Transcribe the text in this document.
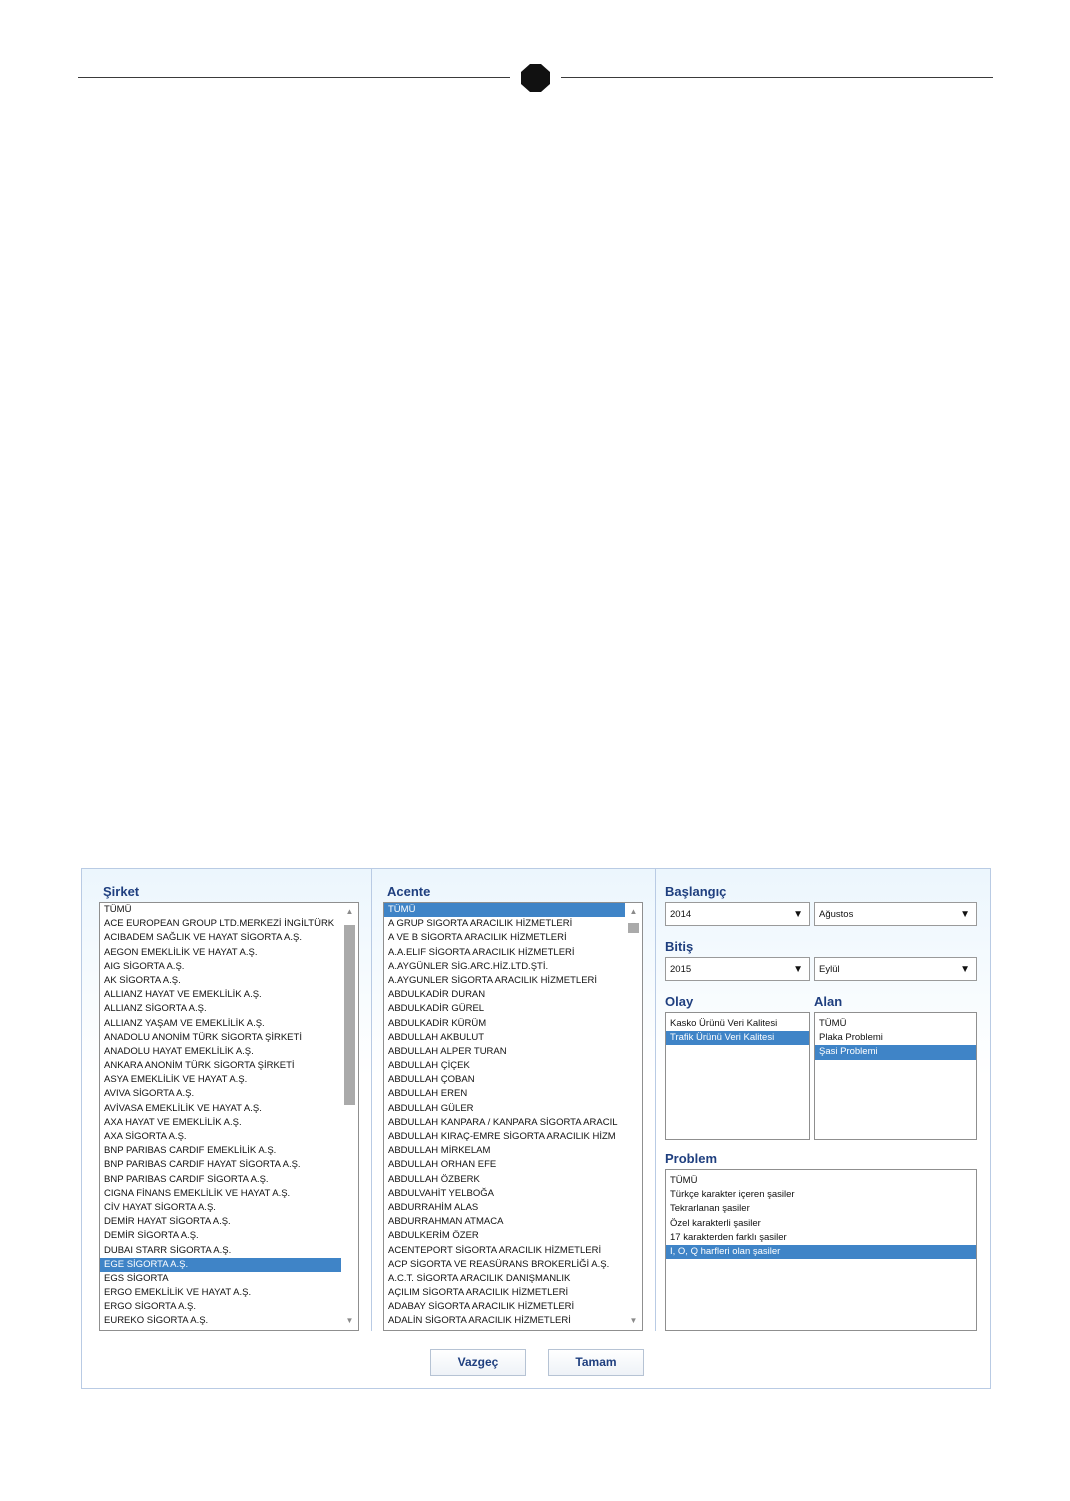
Şirket
TÜMÜ
ACE EUROPEAN GROUP LTD.MERKEZİ İNGİLTÜRK
ACIBADEM SAĞLIK VE HAYAT SİGORTA A.Ş.
AEGON EMEKLİLİK VE HAYAT A.Ş.
AIG SİGORTA A.Ş.
AK SİGORTA A.Ş.
ALLIANZ HAYAT VE EMEKLİLİK A.Ş.
ALLIANZ SİGORTA A.Ş.
ALLIANZ YAŞAM VE EMEKLİLİK A.Ş.
ANADOLU ANONİM TÜRK SİGORTA ŞİRKETİ
ANADOLU HAYAT EMEKLİLİK A.Ş.
ANKARA ANONİM TÜRK SİGORTA ŞİRKETİ
ASYA EMEKLİLİK VE HAYAT A.Ş.
AVIVA SİGORTA A.Ş.
AVİVASA EMEKLİLİK VE HAYAT A.Ş.
AXA HAYAT VE EMEKLİLİK A.Ş.
AXA SİGORTA A.Ş.
BNP PARIBAS CARDIF EMEKLİLİK A.Ş.
BNP PARIBAS CARDIF HAYAT SİGORTA A.Ş.
BNP PARIBAS CARDIF SİGORTA A.Ş.
CIGNA FİNANS EMEKLİLİK VE HAYAT A.Ş.
CİV HAYAT SİGORTA A.Ş.
DEMİR HAYAT SİGORTA A.Ş.
DEMİR SİGORTA A.Ş.
DUBAI STARR SİGORTA A.Ş.
EGE SİGORTA A.Ş.
EGS SİGORTA
ERGO EMEKLİLİK VE HAYAT A.Ş.
ERGO SİGORTA A.Ş.
EUREKO SİGORTA A.Ş.
▲
▼
Acente
TÜMÜ
A GRUP SIGORTA ARACILIK HİZMETLERİ
A VE B SİGORTA ARACILIK HİZMETLERİ
A.A.ELIF SİGORTA ARACILIK HİZMETLERİ
A.AYGÜNLER SİG.ARC.HİZ.LTD.ŞTİ.
A.AYGUNLER SİGORTA ARACILIK HİZMETLERİ
ABDULKADİR DURAN
ABDULKADİR GÜREL
ABDULKADİR KÜRÜM
ABDULLAH AKBULUT
ABDULLAH ALPER TURAN
ABDULLAH ÇİÇEK
ABDULLAH ÇOBAN
ABDULLAH EREN
ABDULLAH GÜLER
ABDULLAH KANPARA / KANPARA SİGORTA ARACIL
ABDULLAH KIRAÇ-EMRE SİGORTA ARACILIK HİZM
ABDULLAH MİRKELAM
ABDULLAH ORHAN EFE
ABDULLAH ÖZBERK
ABDULVAHİT YELBOĞA
ABDURRAHİM ALAS
ABDURRAHMAN ATMACA
ABDULKERİM ÖZER
ACENTEPORT SİGORTA ARACILIK HİZMETLERİ
ACP SİGORTA VE REASÜRANS BROKERLİĞİ A.Ş.
A.C.T. SİGORTA ARACILIK DANIŞMANLIK
AÇILIM SİGORTA ARACILIK HİZMETLERİ
ADABAY SİGORTA ARACILIK HİZMETLERİ
ADALİN SİGORTA ARACILIK HİZMETLERİ
▲
▼
Başlangıç
2014	▼ Ağustos	▼
Bitiş
2015	▼ Eylül	▼
Olay
Kasko Ürünü Veri Kalitesi
Trafik Ürünü Veri Kalitesi
Alan
TÜMÜ
Plaka Problemi
Şasi Problemi
Problem
TÜMÜ
Türkçe karakter içeren şasiler
Tekrarlanan şasiler
Özel karakterli şasiler
17 karakterden farklı şasiler
I, O, Q harfleri olan şasiler
Vazgeç	Tamam
